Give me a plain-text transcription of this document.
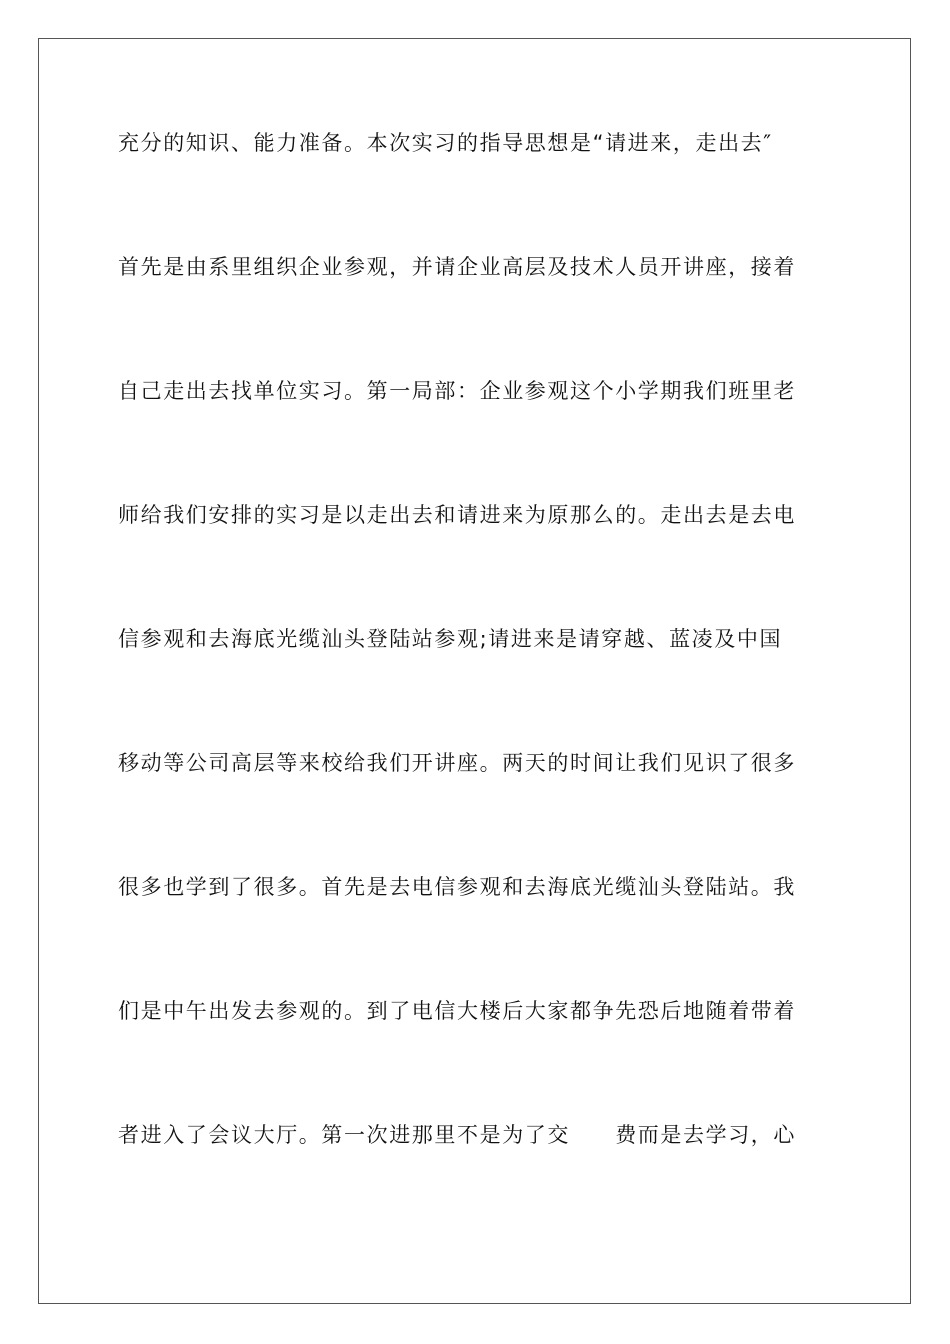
充分的知识、能力准备。本次实习的指导思想是“请进来，走出去″
首先是由系里组织企业参观，并请企业高层及技术人员开讲座，接着
自己走出去找单位实习。第一局部：企业参观这个小学期我们班里老
师给我们安排的实习是以走出去和请进来为原那么的。走出去是去电
信参观和去海底光缆汕头登陆站参观;请进来是请穿越、蓝凌及中国
移动等公司高层等来校给我们开讲座。两天的时间让我们见识了很多
很多也学到了很多。首先是去电信参观和去海底光缆汕头登陆站。我
们是中午出发去参观的。到了电信大楼后大家都争先恐后地随着带着
者进入了会议大厅。第一次进那里不是为了交　　费而是去学习，心
